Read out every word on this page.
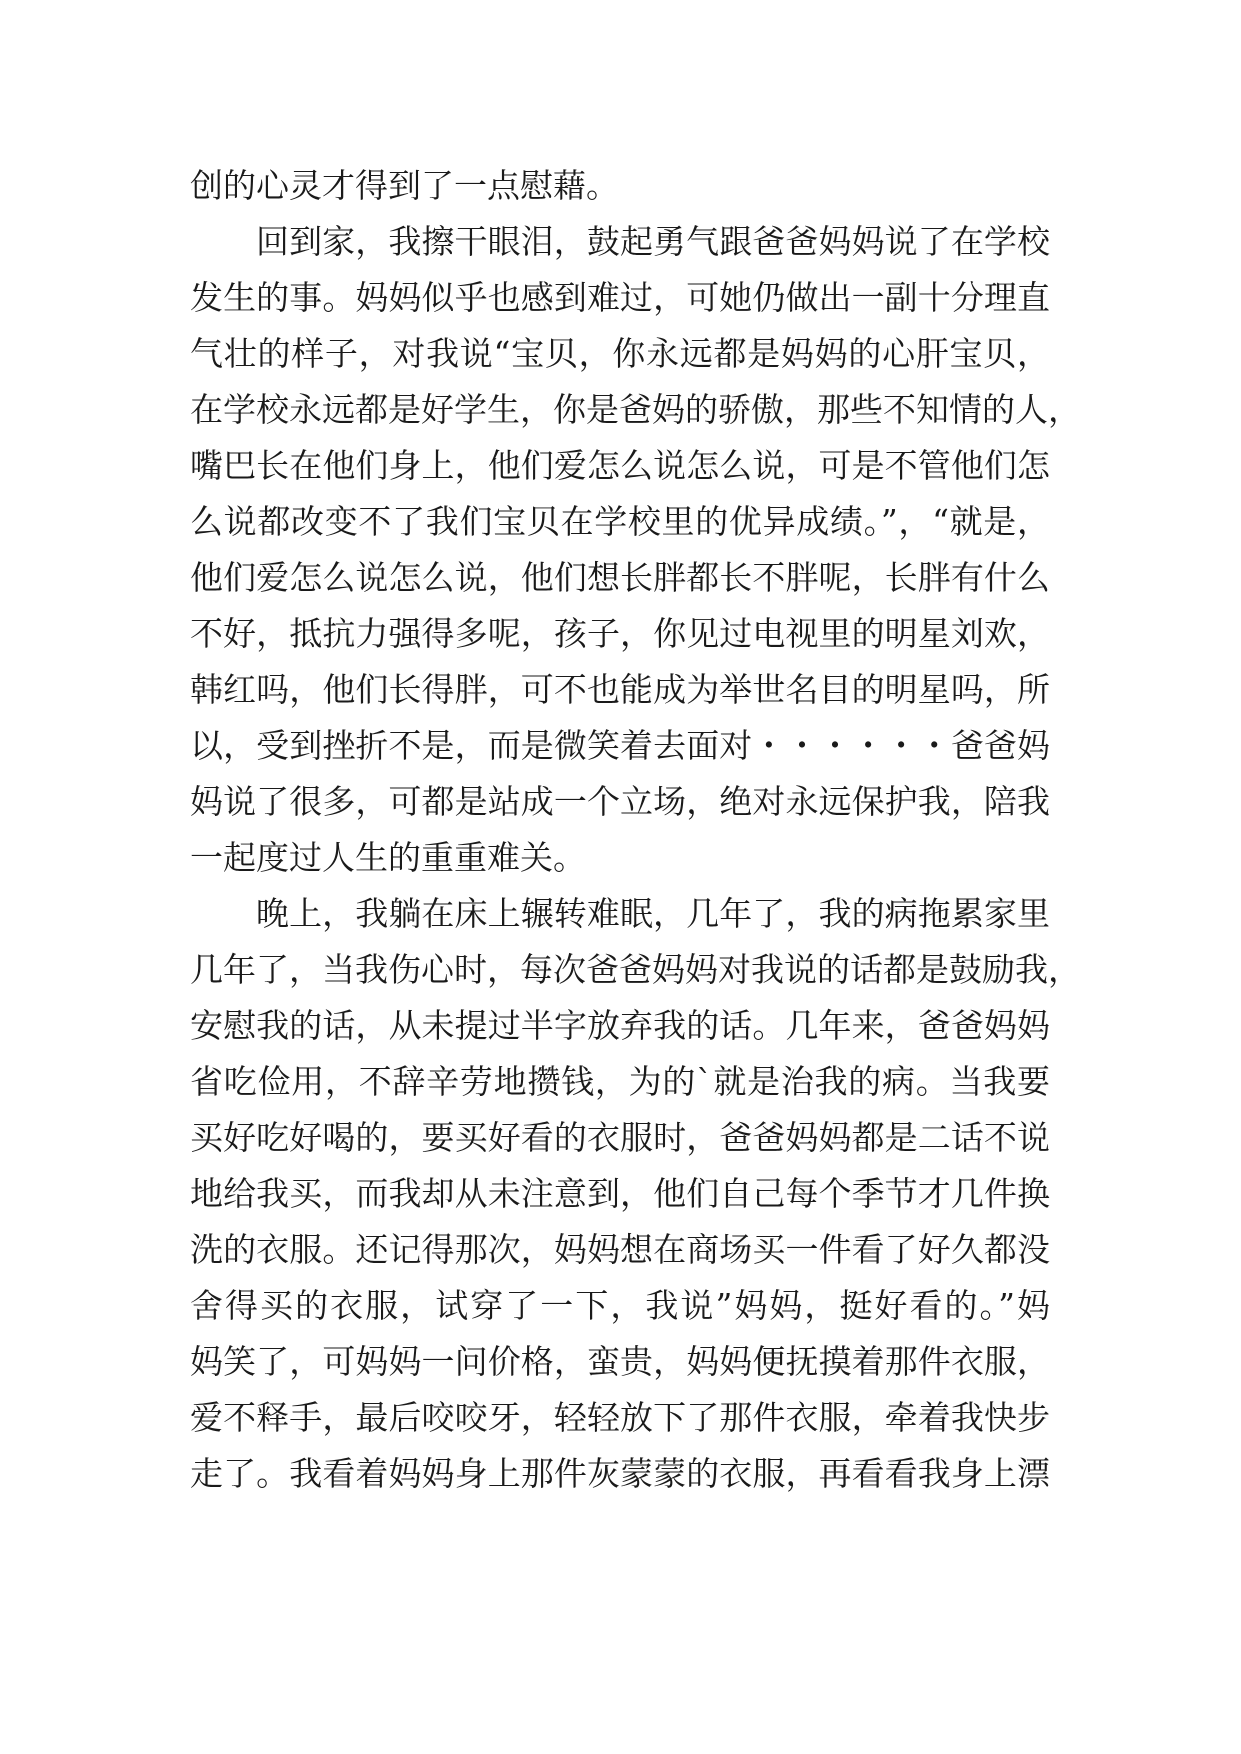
创的心灵才得到了一点慰藉。
回到家，我擦干眼泪，鼓起勇气跟爸爸妈妈说了在学校
发生的事。妈妈似乎也感到难过，可她仍做出一副十分理直
气壮的样子，对我说“宝贝，你永远都是妈妈的心肝宝贝，
在学校永远都是好学生，你是爸妈的骄傲，那些不知情的人，
嘴巴长在他们身上，他们爱怎么说怎么说，可是不管他们怎
么说都改变不了我们宝贝在学校里的优异成绩。”，“就是，
他们爱怎么说怎么说，他们想长胖都长不胖呢，长胖有什么
不好，抵抗力强得多呢，孩子，你见过电视里的明星刘欢，
韩红吗，他们长得胖，可不也能成为举世名目的明星吗，所
以，受到挫折不是，而是微笑着去面对・・・・・・爸爸妈
妈说了很多，可都是站成一个立场，绝对永远保护我，陪我
一起度过人生的重重难关。
晚上，我躺在床上辗转难眠，几年了，我的病拖累家里
几年了，当我伤心时，每次爸爸妈妈对我说的话都是鼓励我，
安慰我的话，从未提过半字放弃我的话。几年来，爸爸妈妈
省吃俭用，不辞辛劳地攒钱，为的`就是治我的病。当我要
买好吃好喝的，要买好看的衣服时，爸爸妈妈都是二话不说
地给我买，而我却从未注意到，他们自己每个季节才几件换
洗的衣服。还记得那次，妈妈想在商场买一件看了好久都没
舍得买的衣服，试穿了一下，我说”妈妈，挺好看的。”妈
妈笑了，可妈妈一问价格，蛮贵，妈妈便抚摸着那件衣服，
爱不释手，最后咬咬牙，轻轻放下了那件衣服，牵着我快步
走了。我看着妈妈身上那件灰蒙蒙的衣服，再看看我身上漂
